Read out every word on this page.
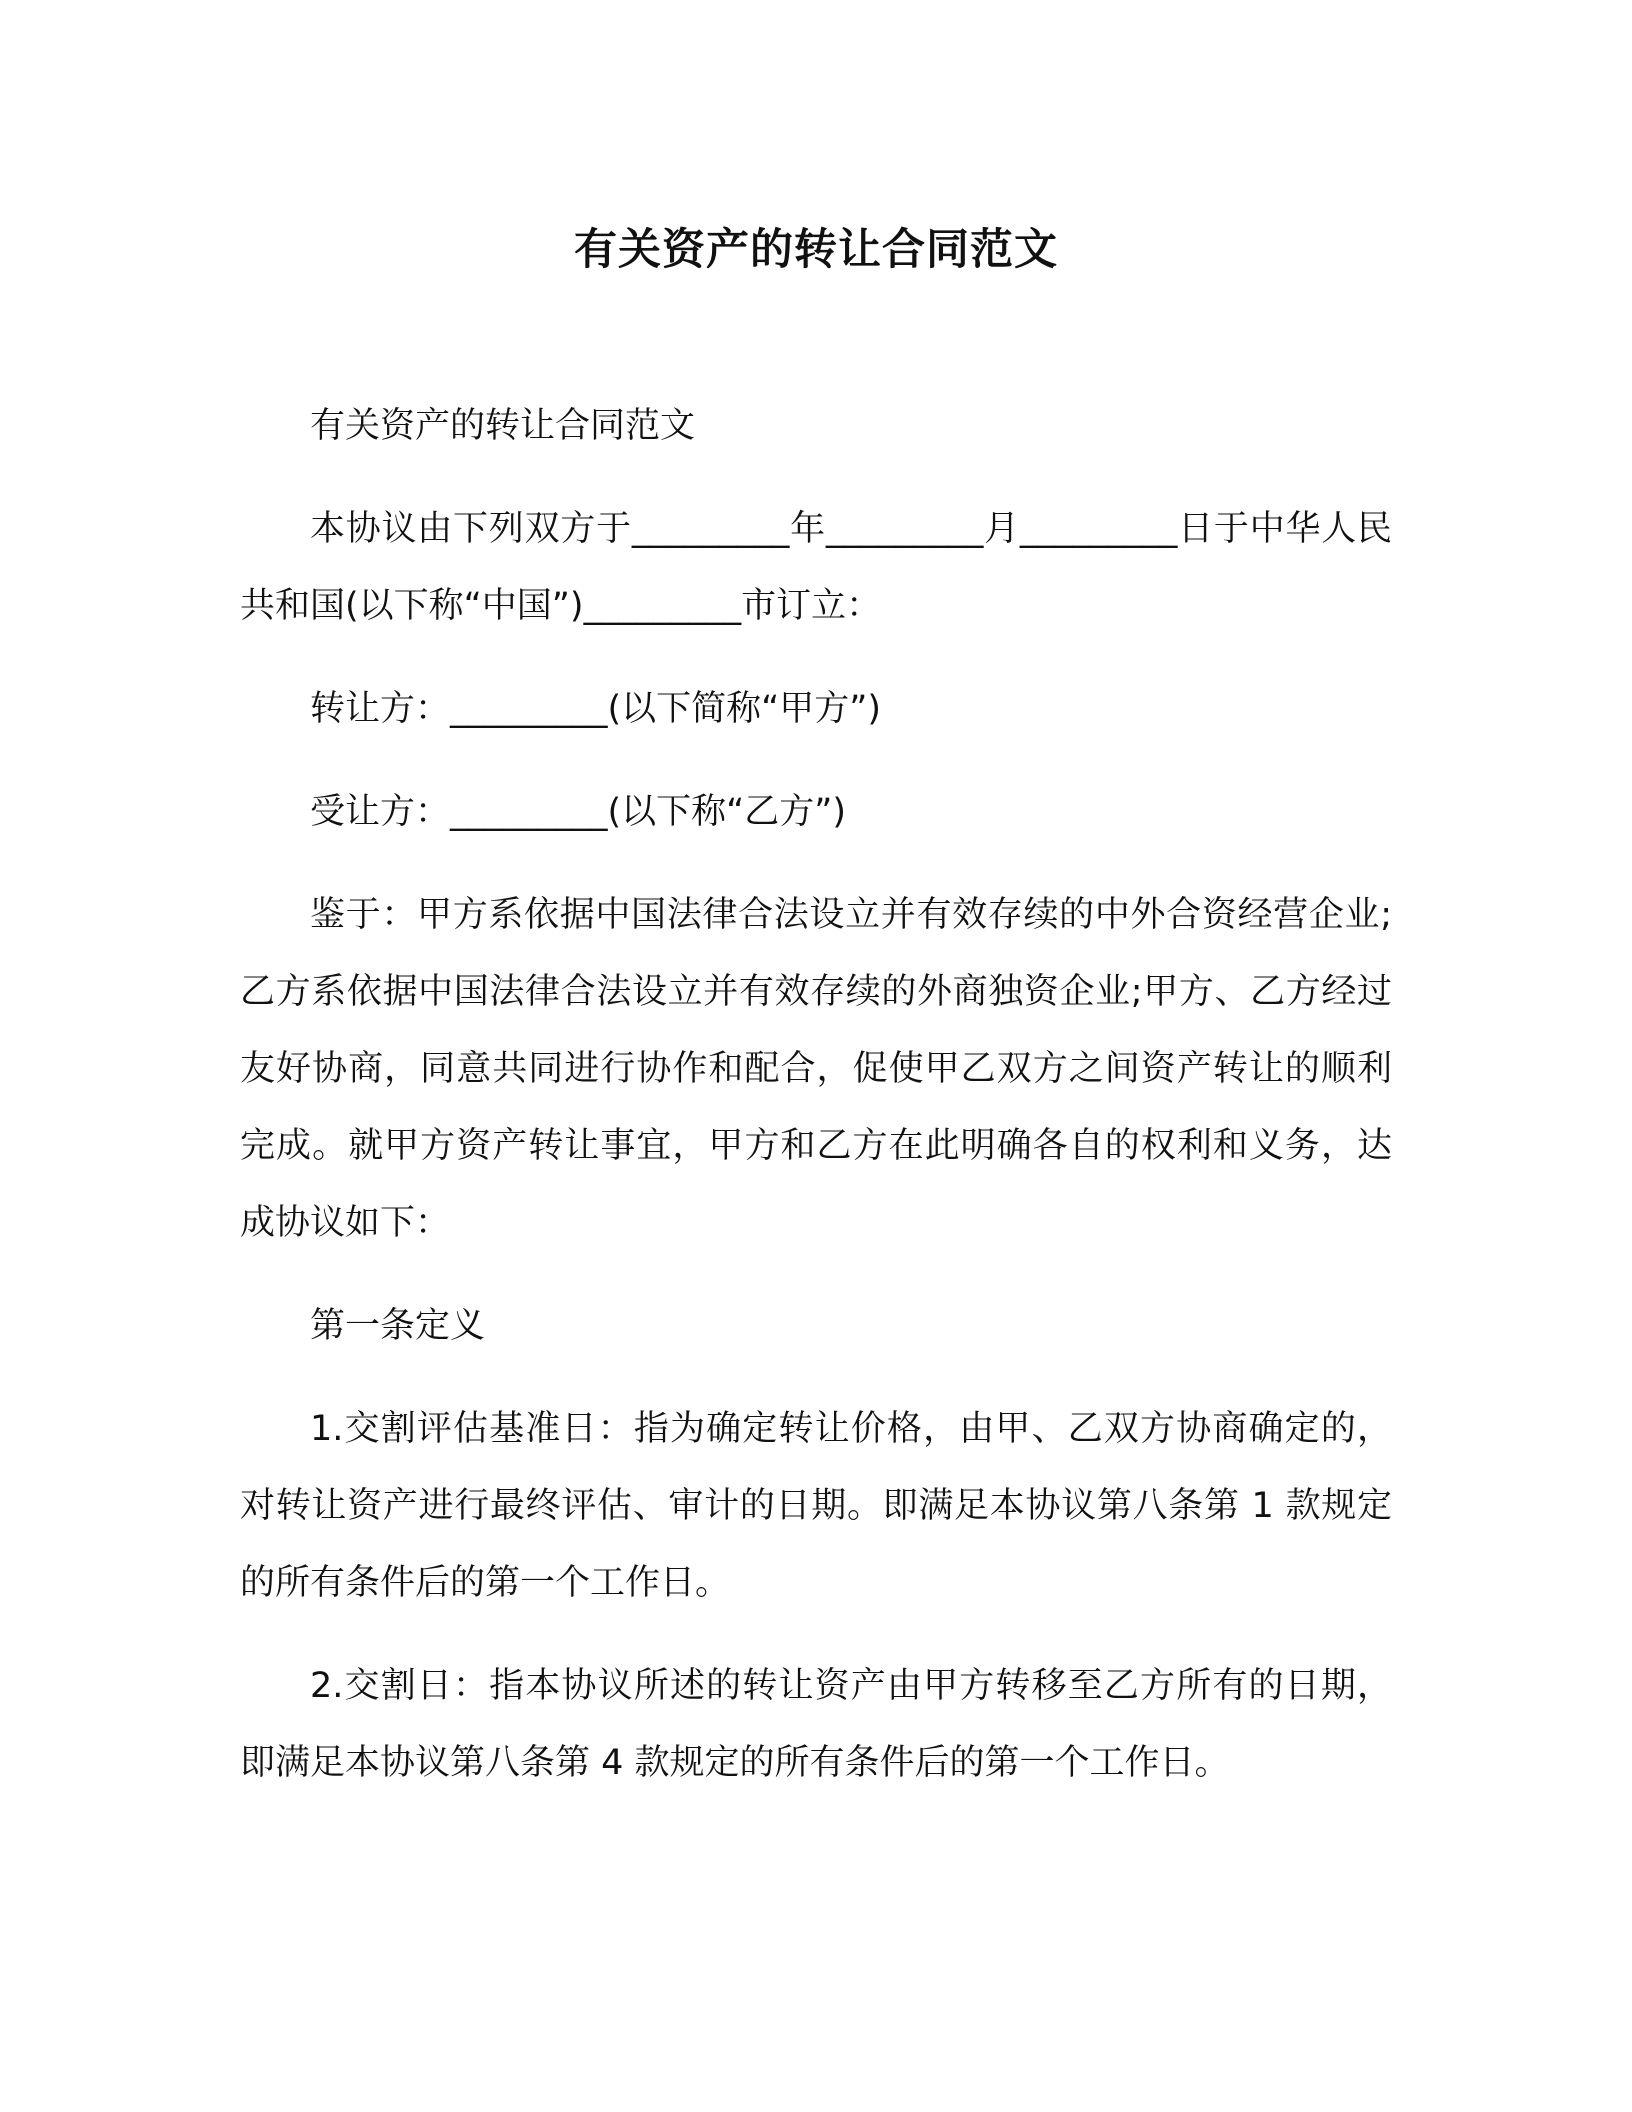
有关资产的转让合同范文

有关资产的转让合同范文

本协议由下列双方于_________年_________月_________日于中华人民共和国(以下称“中国”)_________市订立：

转让方：_________(以下简称“甲方”)

受让方：_________(以下称“乙方”)

鉴于：甲方系依据中国法律合法设立并有效存续的中外合资经营企业;乙方系依据中国法律合法设立并有效存续的外商独资企业;甲方、乙方经过友好协商，同意共同进行协作和配合，促使甲乙双方之间资产转让的顺利完成。就甲方资产转让事宜，甲方和乙方在此明确各自的权利和义务，达成协议如下：

第一条定义

1.交割评估基准日：指为确定转让价格，由甲、乙双方协商确定的，对转让资产进行最终评估、审计的日期。即满足本协议第八条第 1 款规定的所有条件后的第一个工作日。

2.交割日：指本协议所述的转让资产由甲方转移至乙方所有的日期，即满足本协议第八条第 4 款规定的所有条件后的第一个工作日。
